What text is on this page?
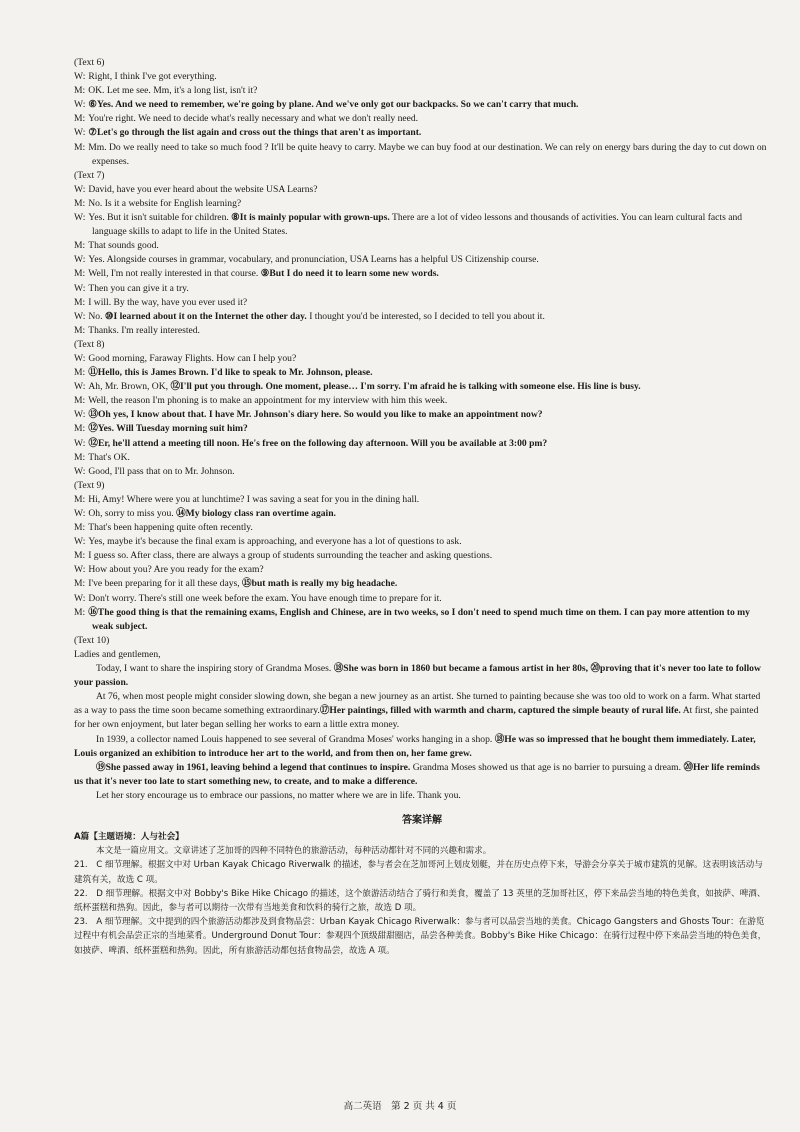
(Text 6)

W: Right, I think I've got everything.

M: OK. Let me see. Mm, it's a long list, isn't it?

W: ⑥Yes. And we need to remember, we're going by plane. And we've only got our backpacks. So we can't carry that much.

M: You're right. We need to decide what's really necessary and what we don't really need.

W: ⑦Let's go through the list again and cross out the things that aren't as important.

M: Mm. Do we really need to take so much food ? It'll be quite heavy to carry. Maybe we can buy food at our destination. We can rely on energy bars during the day to cut down on expenses.

(Text 7)

W: David, have you ever heard about the website USA Learns?

M: No. Is it a website for English learning?

W: Yes. But it isn't suitable for children. ⑧It is mainly popular with grown-ups. There are a lot of video lessons and thousands of activities. You can learn cultural facts and language skills to adapt to life in the United States.

M: That sounds good.

W: Yes. Alongside courses in grammar, vocabulary, and pronunciation, USA Learns has a helpful US Citizenship course.

M: Well, I'm not really interested in that course. ⑨But I do need it to learn some new words.

W: Then you can give it a try.

M: I will. By the way, have you ever used it?

W: No. ⑩I learned about it on the Internet the other day. I thought you'd be interested, so I decided to tell you about it.

M: Thanks. I'm really interested.

(Text 8)

W: Good morning, Faraway Flights. How can I help you?

M: ⑪Hello, this is James Brown. I'd like to speak to Mr. Johnson, please.

W: Ah, Mr. Brown, OK, ⑫I'll put you through. One moment, please… I'm sorry. I'm afraid he is talking with someone else. His line is busy.

M: Well, the reason I'm phoning is to make an appointment for my interview with him this week.

W: ⑬Oh yes, I know about that. I have Mr. Johnson's diary here. So would you like to make an appointment now?

M: ⑫Yes. Will Tuesday morning suit him?

W: ⑫Er, he'll attend a meeting till noon. He's free on the following day afternoon. Will you be available at 3:00 pm?

M: That's OK.

W: Good, I'll pass that on to Mr. Johnson.

(Text 9)

M: Hi, Amy! Where were you at lunchtime? I was saving a seat for you in the dining hall.

W: Oh, sorry to miss you. ⑭My biology class ran overtime again.

M: That's been happening quite often recently.

W: Yes, maybe it's because the final exam is approaching, and everyone has a lot of questions to ask.

M: I guess so. After class, there are always a group of students surrounding the teacher and asking questions.

W: How about you? Are you ready for the exam?

M: I've been preparing for it all these days, ⑮but math is really my big headache.

W: Don't worry. There's still one week before the exam. You have enough time to prepare for it.

M: ⑯The good thing is that the remaining exams, English and Chinese, are in two weeks, so I don't need to spend much time on them. I can pay more attention to my weak subject.

(Text 10)

Ladies and gentlemen,

Today, I want to share the inspiring story of Grandma Moses. ⑱She was born in 1860 but became a famous artist in her 80s, ⑳proving that it's never too late to follow your passion.

At 76, when most people might consider slowing down, she began a new journey as an artist. She turned to painting because she was too old to work on a farm. What started as a way to pass the time soon became something extraordinary.⑰Her paintings, filled with warmth and charm, captured the simple beauty of rural life. At first, she painted for her own enjoyment, but later began selling her works to earn a little extra money.

In 1939, a collector named Louis happened to see several of Grandma Moses' works hanging in a shop. ⑱He was so impressed that he bought them immediately. Later, Louis organized an exhibition to introduce her art to the world, and from then on, her fame grew.

⑲She passed away in 1961, leaving behind a legend that continues to inspire. Grandma Moses showed us that age is no barrier to pursuing a dream. ⑳Her life reminds us that it's never too late to start something new, to create, and to make a difference.

Let her story encourage us to embrace our passions, no matter where we are in life. Thank you.

答案详解

A篇【主题语境：人与社会】

本文是一篇应用文。文章讲述了芝加哥的四种不同特色的旅游活动，每种活动都针对不同的兴趣和需求。

21.　C 细节理解。根据文中对 Urban Kayak Chicago Riverwalk 的描述，参与者会在芝加哥河上划皮划艇，并在历史点停下来，导游会分享关于城市建筑的见解。这表明该活动与建筑有关，故选 C 项。

22.　D 细节理解。根据文中对 Bobby's Bike Hike Chicago 的描述，这个旅游活动结合了骑行和美食，覆盖了 13 英里的芝加哥社区，停下来品尝当地的特色美食，如披萨、啤酒、纸杯蛋糕和热狗。因此，参与者可以期待一次带有当地美食和饮料的骑行之旅，故选 D 项。

23.　A 细节理解。文中提到的四个旅游活动都涉及到食物品尝：Urban Kayak Chicago Riverwalk：参与者可以品尝当地的美食。Chicago Gangsters and Ghosts Tour：在游览过程中有机会品尝正宗的当地菜肴。Underground Donut Tour：参观四个顶级甜甜圈店，品尝各种美食。Bobby's Bike Hike Chicago：在骑行过程中停下来品尝当地的特色美食，如披萨、啤酒、纸杯蛋糕和热狗。因此，所有旅游活动都包括食物品尝，故选 A 项。

高二英语　第 2 页 共 4 页
